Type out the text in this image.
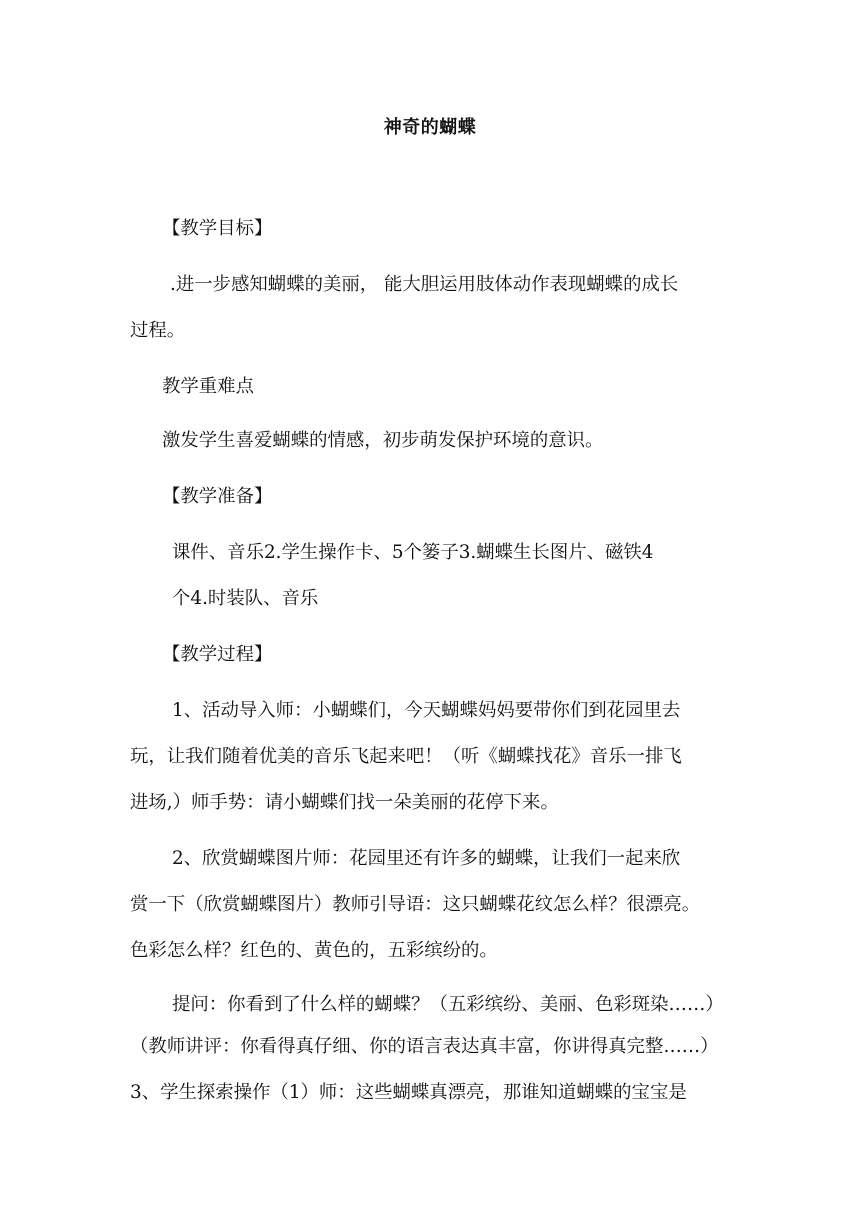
神奇的蝴蝶
【教学目标】
.进一步感知蝴蝶的美丽， 能大胆运用肢体动作表现蝴蝶的成长
过程。
教学重难点
激发学生喜爱蝴蝶的情感，初步萌发保护环境的意识。
【教学准备】
课件、音乐2.学生操作卡、5个篓子3.蝴蝶生长图片、磁铁4
个4.时装队、音乐
【教学过程】
1、活动导入师：小蝴蝶们，今天蝴蝶妈妈要带你们到花园里去
玩，让我们随着优美的音乐飞起来吧！（听《蝴蝶找花》音乐一排飞
进场,）师手势：请小蝴蝶们找一朵美丽的花停下来。
2、欣赏蝴蝶图片师：花园里还有许多的蝴蝶，让我们一起来欣
赏一下（欣赏蝴蝶图片）教师引导语：这只蝴蝶花纹怎么样？很漂亮。
色彩怎么样？红色的、黄色的，五彩缤纷的。
提问：你看到了什么样的蝴蝶？（五彩缤纷、美丽、色彩斑染……）
（教师讲评：你看得真仔细、你的语言表达真丰富，你讲得真完整……）
3、学生探索操作（1）师：这些蝴蝶真漂亮，那谁知道蝴蝶的宝宝是
